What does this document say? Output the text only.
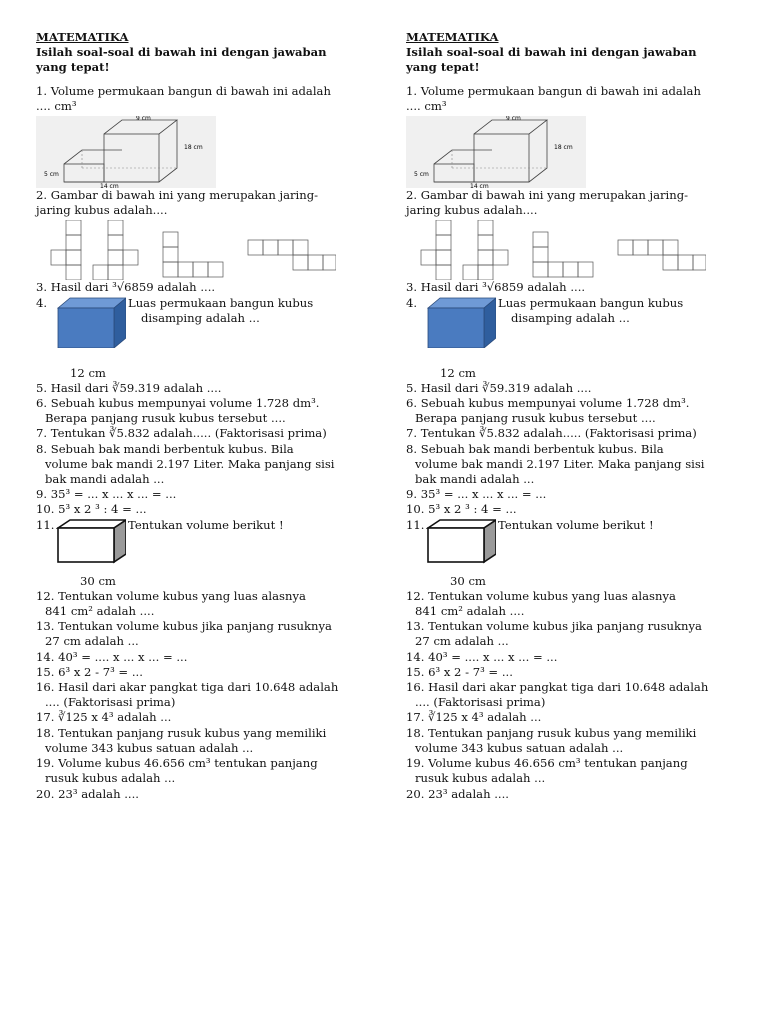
MATEMATIKA
Isilah soal-soal di bawah ini dengan jawaban
yang tepat!
1. Volume permukaan bangun di bawah ini adalah
.... cm³
9 cm
18 cm
5 cm
14 cm
2. Gambar di bawah ini yang merupakan jaring-
jaring kubus adalah....
3. Hasil dari ³√6859 adalah ....
4.	Luas permukaan bangun kubus
disamping adalah ...
12 cm
5. Hasil dari ∛59.319 adalah ....
6. Sebuah kubus mempunyai volume 1.728 dm³.
Berapa panjang rusuk kubus tersebut ....
7. Tentukan ∛5.832 adalah..... (Faktorisasi prima)
8. Sebuah bak mandi berbentuk kubus. Bila
volume bak mandi 2.197 Liter. Maka panjang sisi
bak mandi adalah ...
9. 35³ = ... x ... x ... = ...
10. 5³ x 2 ³ : 4 = ...
11.	Tentukan volume berikut !
30 cm
12. Tentukan volume kubus yang luas alasnya
841 cm² adalah ....
13. Tentukan volume kubus jika panjang rusuknya
27 cm adalah ...
14. 40³ = .... x ... x ... = ...
15. 6³ x 2 - 7³ = ...
16. Hasil dari akar pangkat tiga dari 10.648 adalah
.... (Faktorisasi prima)
17. ∛125 x 4³ adalah ...
18. Tentukan panjang rusuk kubus yang memiliki
volume 343 kubus satuan adalah ...
19. Volume kubus 46.656 cm³ tentukan panjang
rusuk kubus adalah ...
20. 23³ adalah ....
MATEMATIKA
Isilah soal-soal di bawah ini dengan jawaban
yang tepat!
1. Volume permukaan bangun di bawah ini adalah
.... cm³
9 cm
18 cm
5 cm
14 cm
2. Gambar di bawah ini yang merupakan jaring-
jaring kubus adalah....
3. Hasil dari ³√6859 adalah ....
4.	Luas permukaan bangun kubus
disamping adalah ...
12 cm
5. Hasil dari ∛59.319 adalah ....
6. Sebuah kubus mempunyai volume 1.728 dm³.
Berapa panjang rusuk kubus tersebut ....
7. Tentukan ∛5.832 adalah..... (Faktorisasi prima)
8. Sebuah bak mandi berbentuk kubus. Bila
volume bak mandi 2.197 Liter. Maka panjang sisi
bak mandi adalah ...
9. 35³ = ... x ... x ... = ...
10. 5³ x 2 ³ : 4 = ...
11.	Tentukan volume berikut !
30 cm
12. Tentukan volume kubus yang luas alasnya
841 cm² adalah ....
13. Tentukan volume kubus jika panjang rusuknya
27 cm adalah ...
14. 40³ = .... x ... x ... = ...
15. 6³ x 2 - 7³ = ...
16. Hasil dari akar pangkat tiga dari 10.648 adalah
.... (Faktorisasi prima)
17. ∛125 x 4³ adalah ...
18. Tentukan panjang rusuk kubus yang memiliki
volume 343 kubus satuan adalah ...
19. Volume kubus 46.656 cm³ tentukan panjang
rusuk kubus adalah ...
20. 23³ adalah ....
